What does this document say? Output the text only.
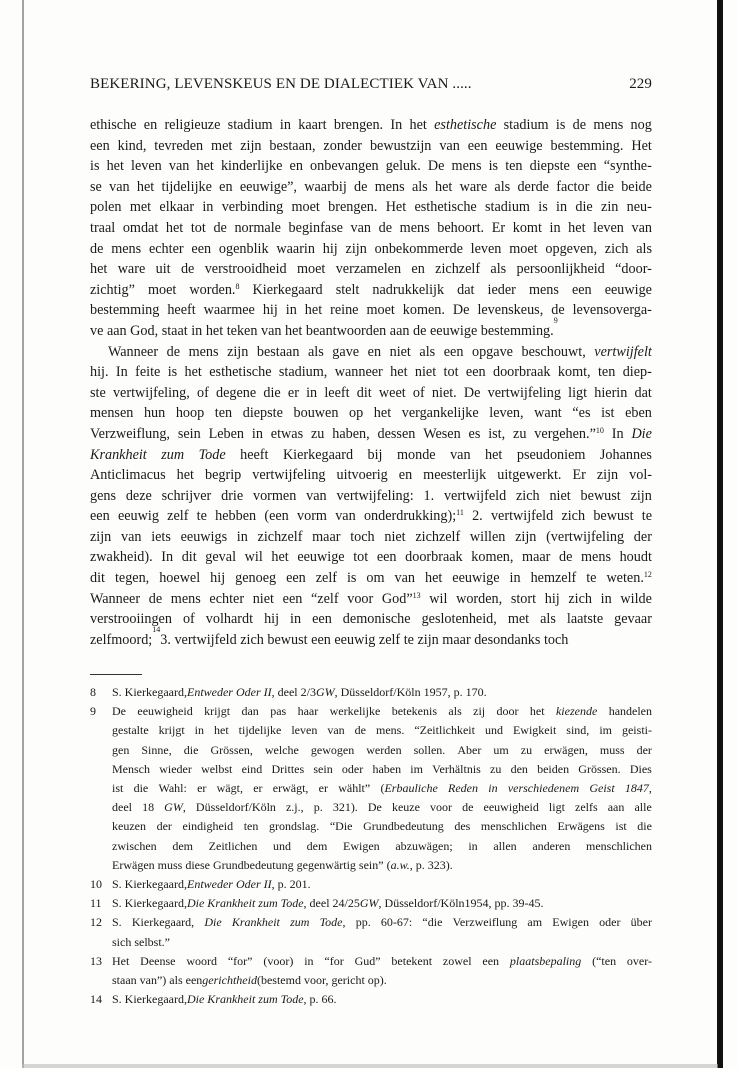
BEKERING, LEVENSKEUS EN DE DIALECTIEK VAN .....	229
ethische en religieuze stadium in kaart brengen. In het esthetische stadium is de mens nog
een kind, tevreden met zijn bestaan, zonder bewustzijn van een eeuwige bestemming. Het
is het leven van het kinderlijke en onbevangen geluk. De mens is ten diepste een “synthe-
se van het tijdelijke en eeuwige”, waarbij de mens als het ware als derde factor die beide
polen met elkaar in verbinding moet brengen. Het esthetische stadium is in die zin neu-
traal omdat het tot de normale beginfase van de mens behoort. Er komt in het leven van
de mens echter een ogenblik waarin hij zijn onbekommerde leven moet opgeven, zich als
het ware uit de verstrooidheid moet verzamelen en zichzelf als persoonlijkheid “door-
zichtig” moet worden.$^8$ Kierkegaard stelt nadrukkelijk dat ieder mens een eeuwige
bestemming heeft waarmee hij in het reine moet komen. De levenskeus, de levensoverga-
ve aan God, staat in het teken van het beantwoorden aan de eeuwige bestemming.
9
Wanneer de mens zijn bestaan als gave en niet als een opgave beschouwt, vertwijfelt
hij. In feite is het esthetische stadium, wanneer het niet tot een doorbraak komt, ten diep-
ste vertwijfeling, of degene die er in leeft dit weet of niet. De vertwijfeling ligt hierin dat
mensen hun hoop ten diepste bouwen op het vergankelijke leven, want “es ist eben
Verzweiflung, sein Leben in etwas zu haben, dessen Wesen es ist, zu vergehen.”$^{10}$ In Die
Krankheit zum Tode heeft Kierkegaard bij monde van het pseudoniem Johannes
Anticlimacus het begrip vertwijfeling uitvoerig en meesterlijk uitgewerkt. Er zijn vol-
gens deze schrijver drie vormen van vertwijfeling: 1. vertwijfeld zich niet bewust zijn
een eeuwig zelf te hebben (een vorm van onderdrukking);$^{11}$ 2. vertwijfeld zich bewust te
zijn van iets eeuwigs in zichzelf maar toch niet zichzelf willen zijn (vertwijfeling der
zwakheid). In dit geval wil het eeuwige tot een doorbraak komen, maar de mens houdt
dit tegen, hoewel hij genoeg een zelf is om van het eeuwige in hemzelf te weten.$^{12}$
Wanneer de mens echter niet een “zelf voor God”$^{13}$ wil worden, stort hij zich in wilde
verstrooiingen of volhardt hij in een demonische geslotenheid, met als laatste gevaar
zelfmoord;
14
3. vertwijfeld zich bewust een eeuwig zelf te zijn maar desondanks toch
8 S. Kierkegaard, Entweder Oder II , deel 2/3 GW , Düsseldorf/Köln 1957, p. 170.
9 De eeuwigheid krijgt dan pas haar werkelijke betekenis als zij door het kiezende handelen
gestalte krijgt in het tijdelijke leven van de mens. “Zeitlichkeit und Ewigkeit sind, im geisti-
gen Sinne, die Grössen, welche gewogen werden sollen. Aber um zu erwägen, muss der
Mensch wieder welbst eind Drittes sein oder haben im Verhältnis zu den beiden Grössen. Dies
ist die Wahl: er wägt, er erwägt, er wählt” (Erbauliche Reden in verschiedenem Geist 1847,
deel 18 GW, Düsseldorf/Köln z.j., p. 321). De keuze voor de eeuwigheid ligt zelfs aan alle
keuzen der eindigheid ten grondslag. “Die Grundbedeutung des menschlichen Erwägens ist die
zwischen dem Zeitlichen und dem Ewigen abzuwägen; in allen anderen menschlichen
Erwägen muss diese Grundbedeutung gegenwärtig sein” ( a.w. , p. 323).
10 S. Kierkegaard, Entweder Oder II , p. 201.
11 S. Kierkegaard, Die Krankheit zum Tode , deel 24/25 GW , Düsseldorf/Köln1954, pp. 39-45.
12 S. Kierkegaard, Die Krankheit zum Tode, pp. 60-67: “die Verzweiflung am Ewigen oder über
sich selbst.”
13 Het Deense woord “for” (voor) in “for Gud” betekent zowel een plaatsbepaling (“ten over-
staan van”) als een gerichtheid (bestemd voor, gericht op).
14 S. Kierkegaard, Die Krankheit zum Tode , p. 66.
